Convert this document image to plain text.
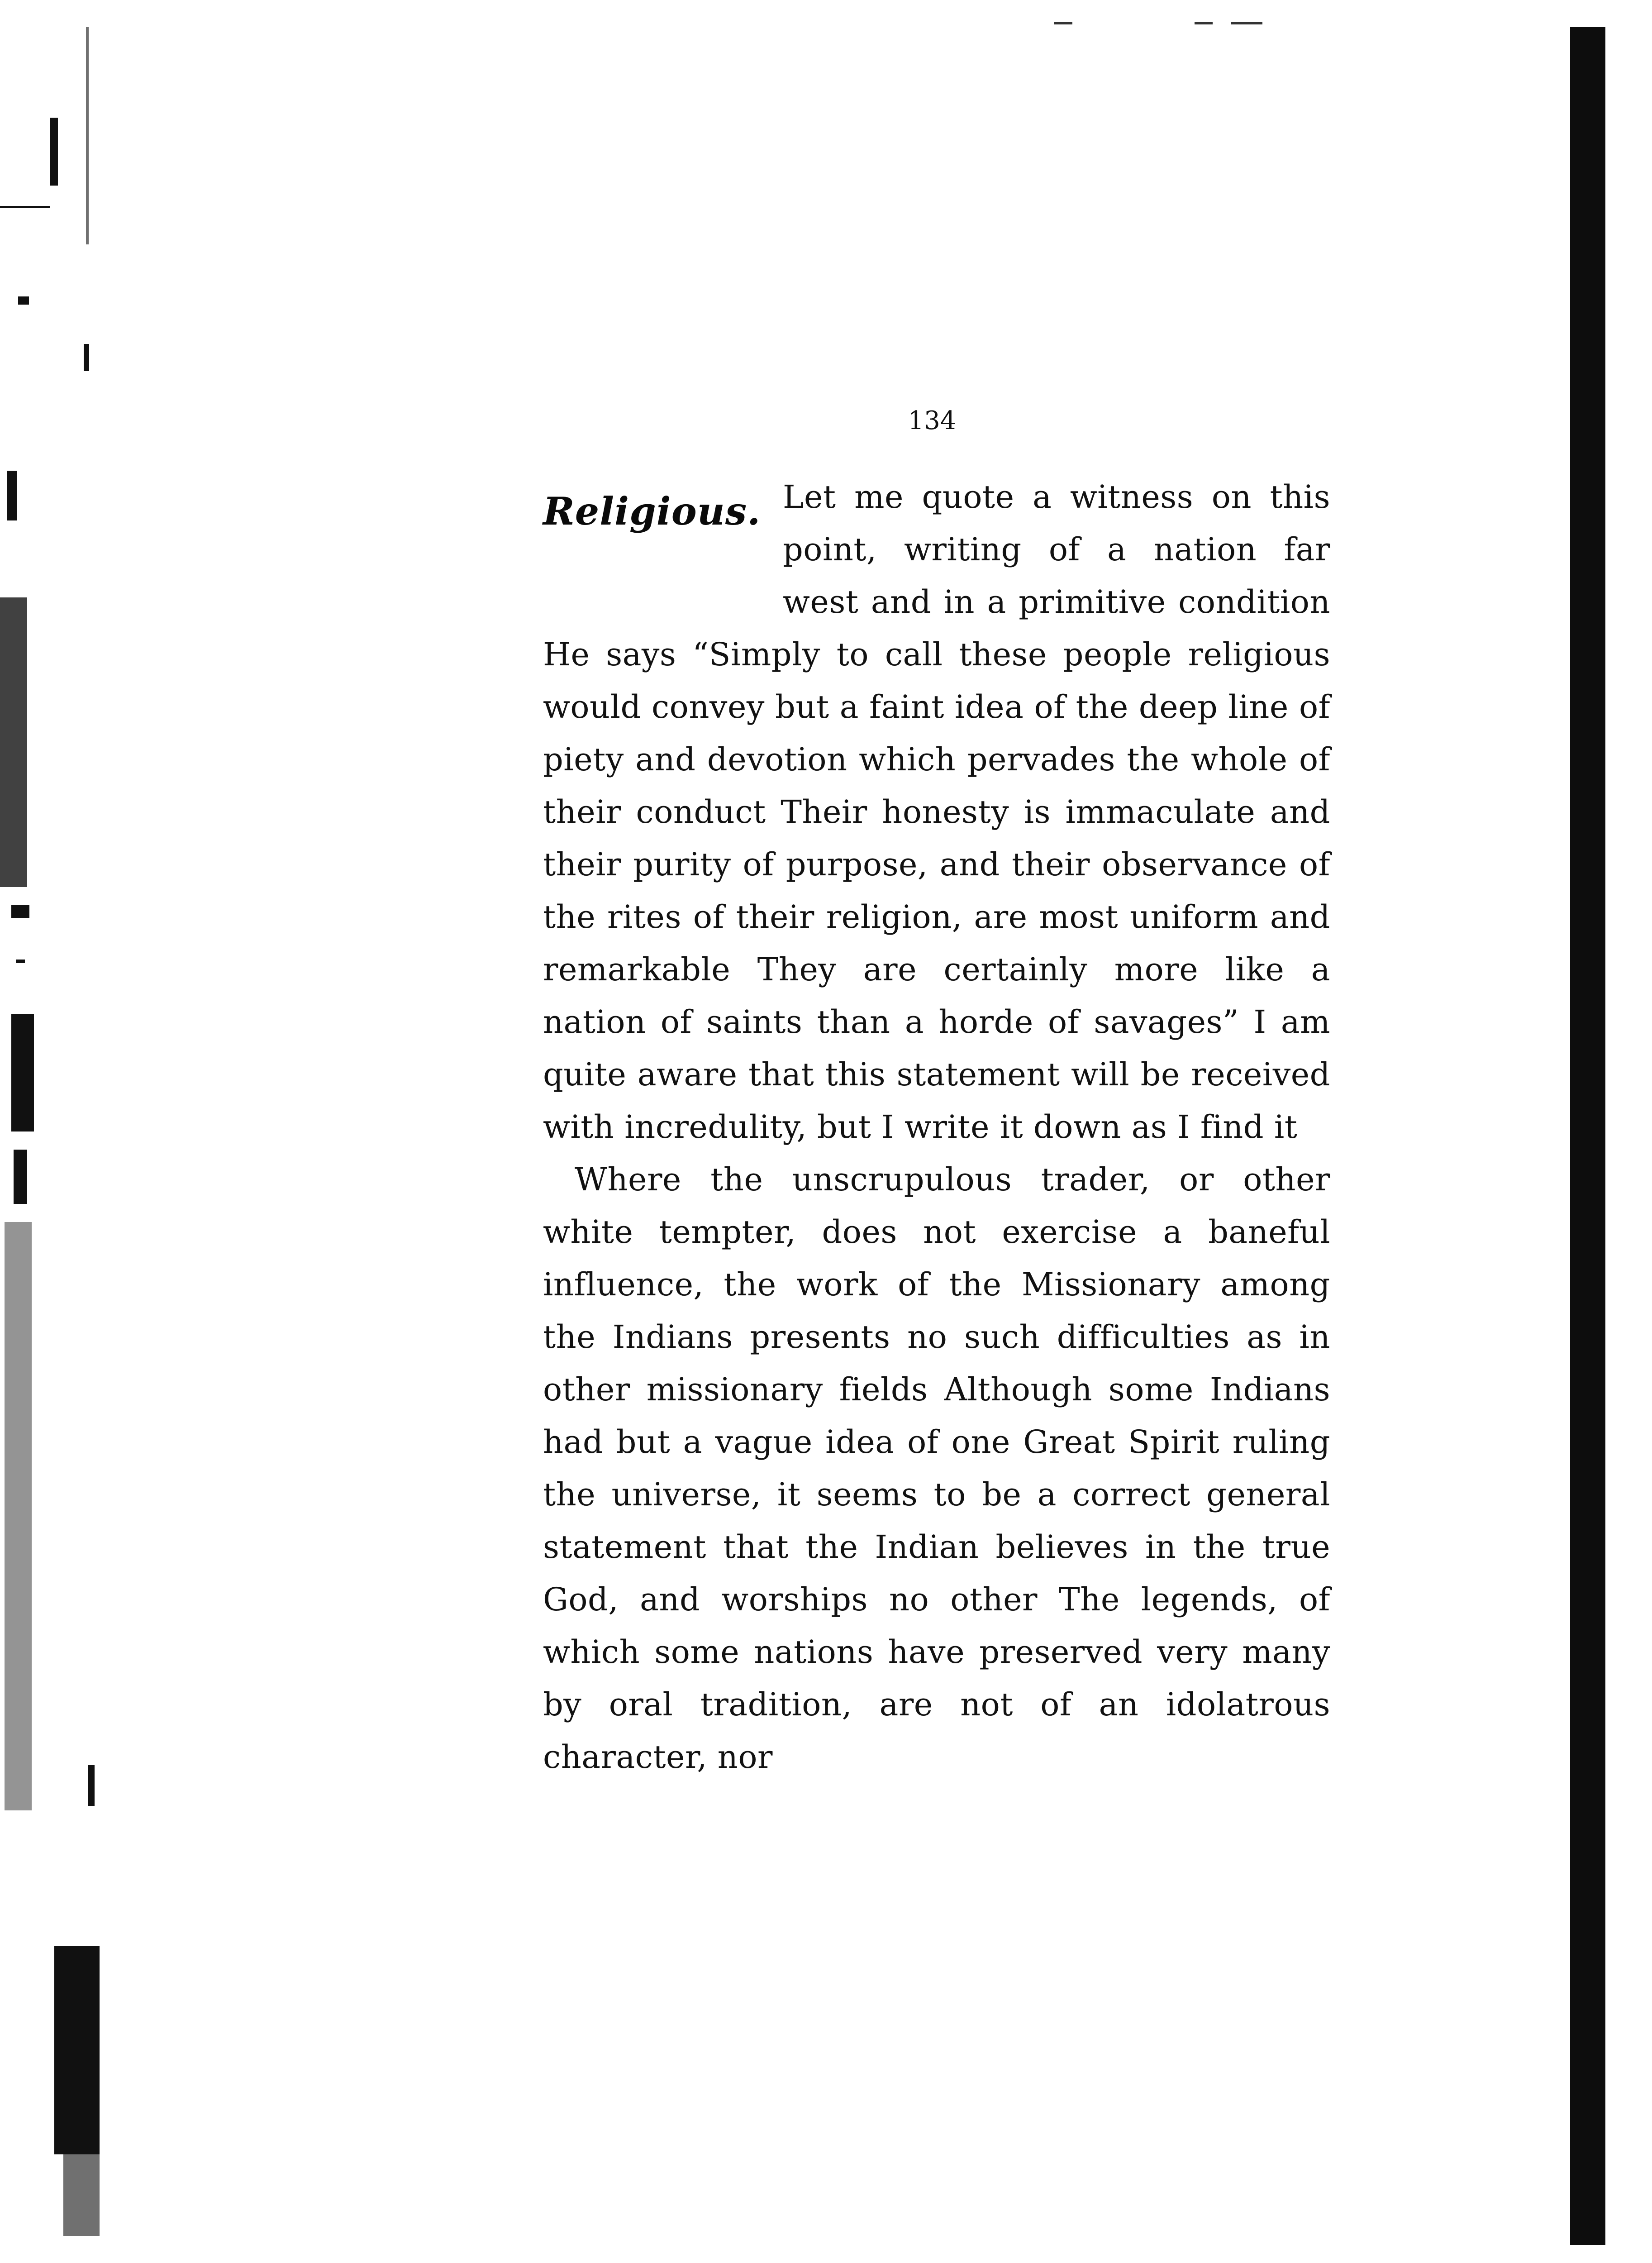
134
Religious. Let me quote a witness on this point, writing of a nation far west and in a primitive condition He says “Simply to call these people religious would convey but a faint idea of the deep line of piety and devotion which pervades the whole of their conduct Their honesty is immaculate and their purity of purpose, and their observance of the rites of their religion, are most uniform and remarkable They are certainly more like a nation of saints than a horde of savages” I am quite aware that this statement will be received with incredulity, but I write it down as I find it

Where the unscrupulous trader, or other white tempter, does not exercise a baneful influence, the work of the Missionary among the Indians presents no such difficulties as in other missionary fields Although some Indians had but a vague idea of one Great Spirit ruling the universe, it seems to be a correct general statement that the Indian believes in the true God, and worships no other The legends, of which some nations have preserved very many by oral tradition, are not of an idolatrous character, nor
